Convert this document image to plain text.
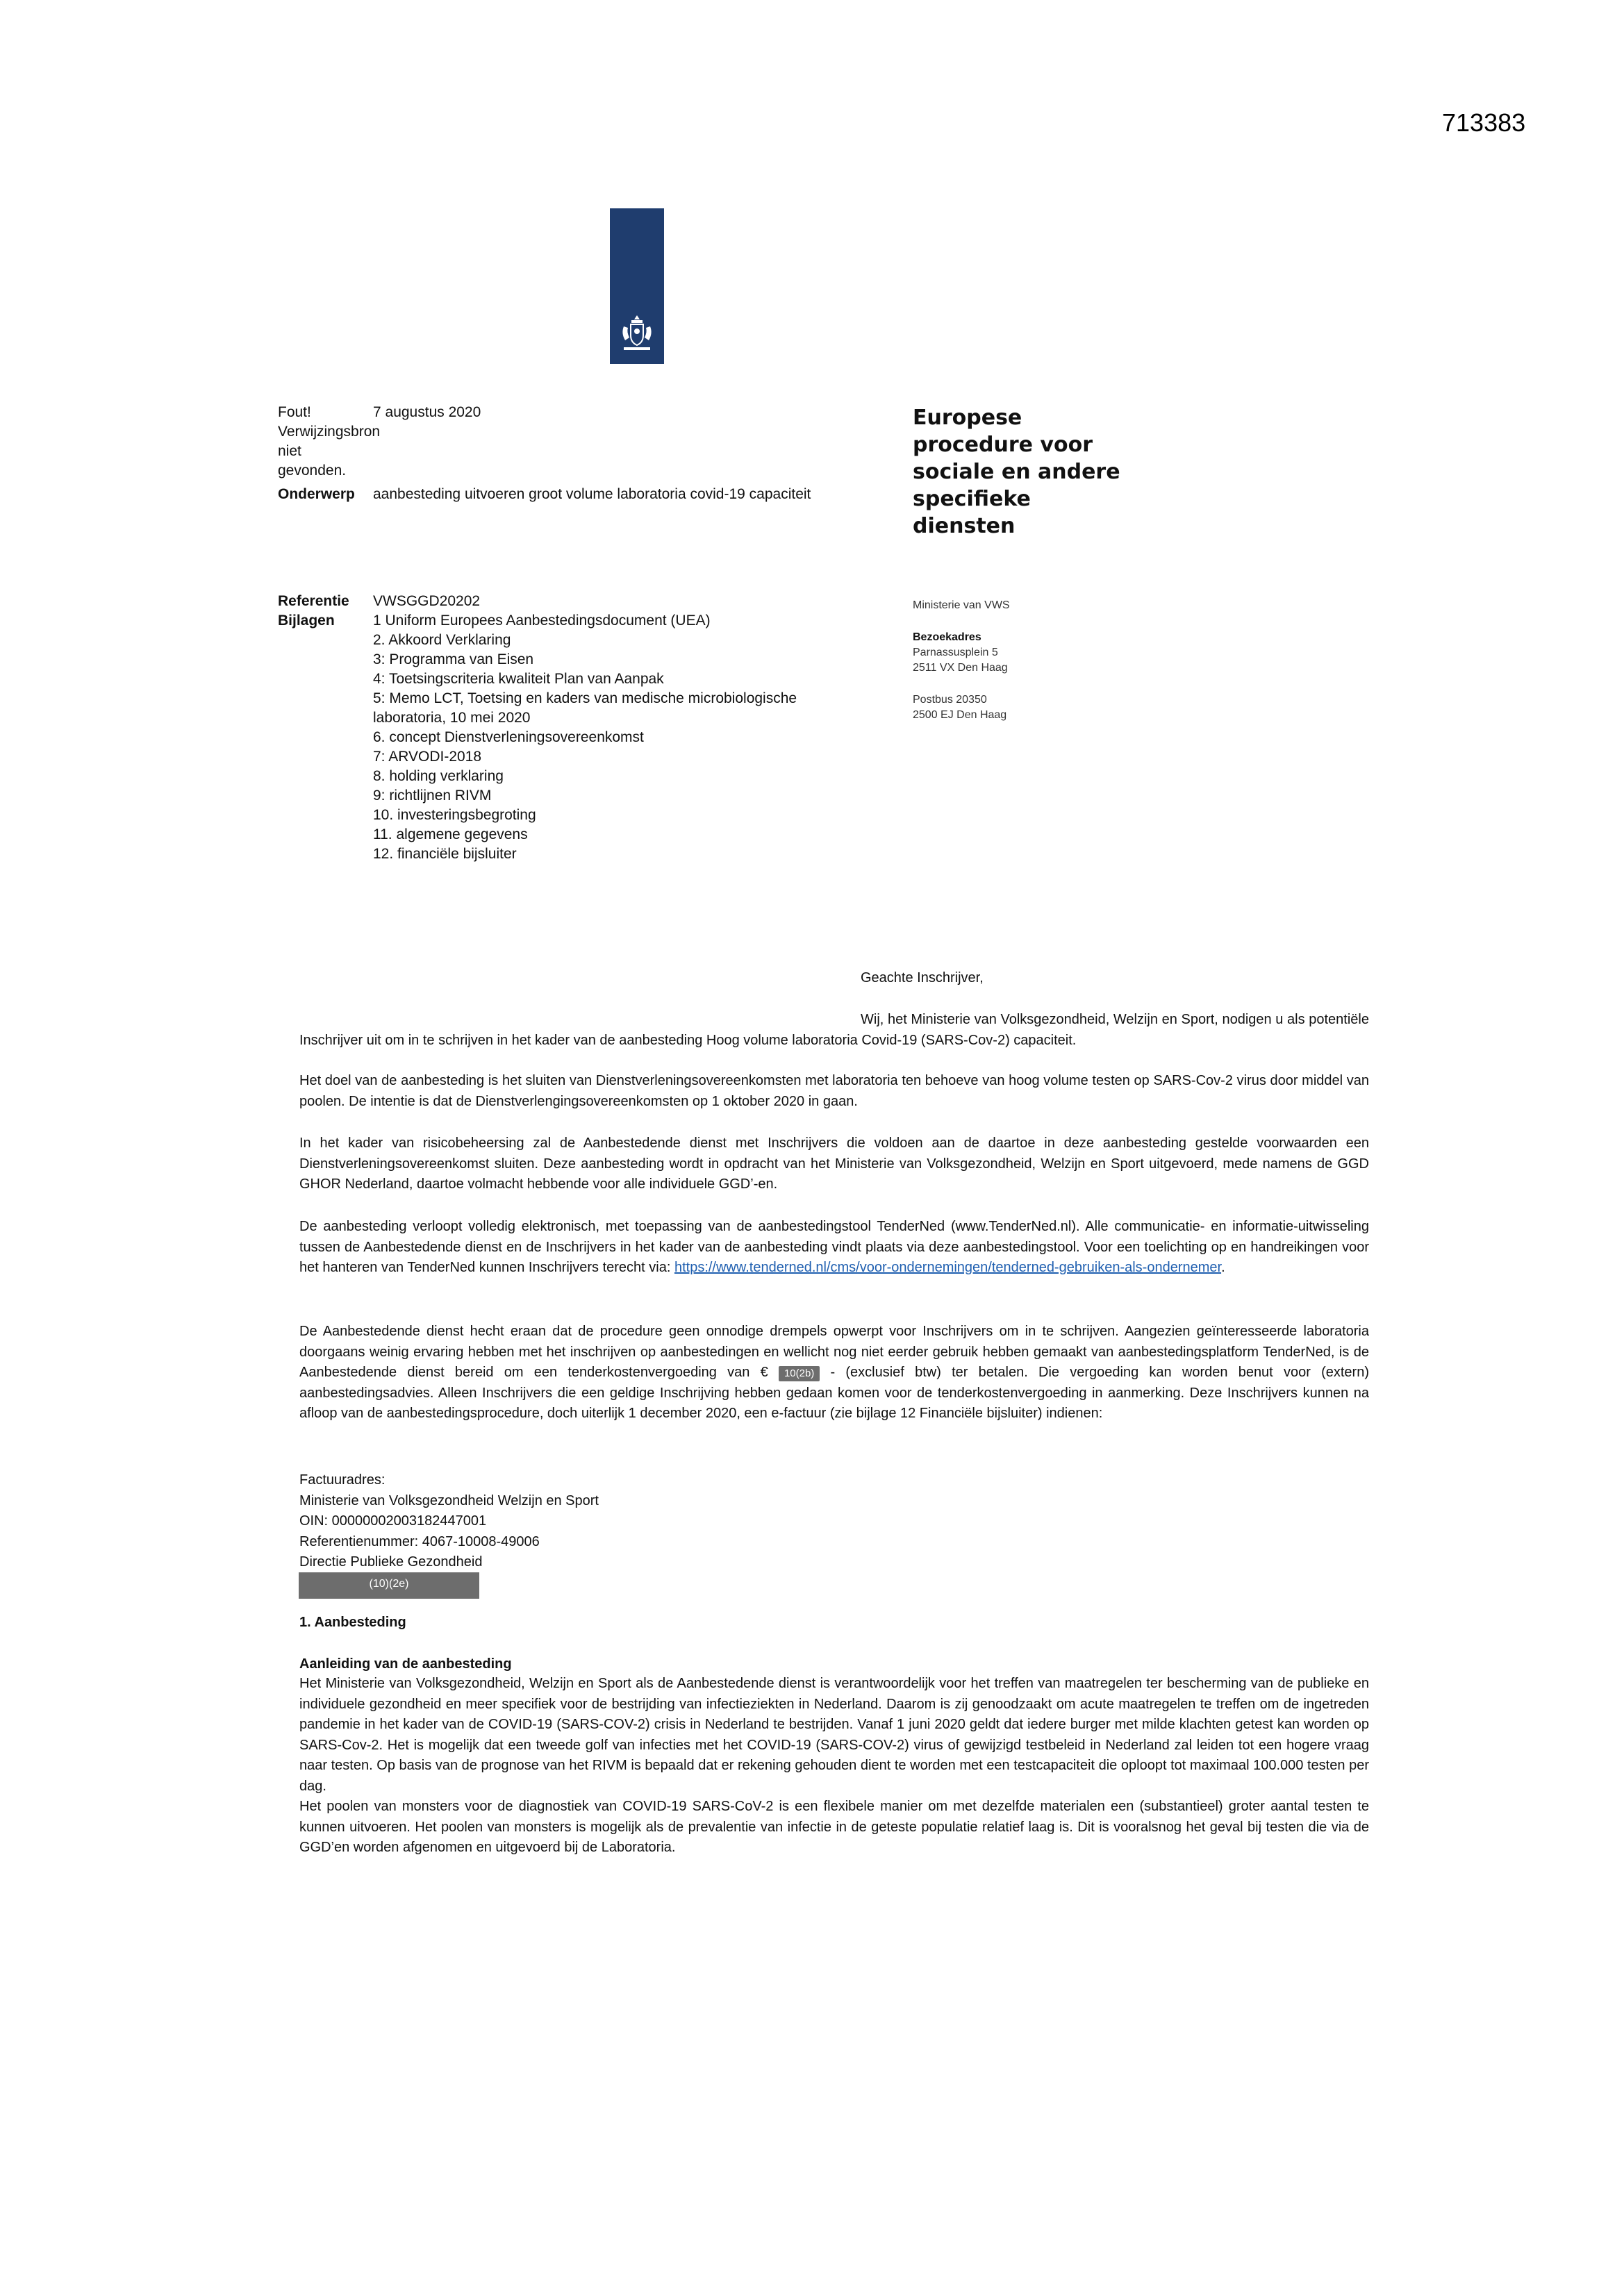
713383
Fout! Verwijzingsbron niet gevonden.
7 augustus 2020
Onderwerp	aanbesteding uitvoeren groot volume laboratoria covid-19 capaciteit
Referentie	VWSGGD20202
Bijlagen	1 Uniform Europees Aanbestedingsdocument (UEA)
2. Akkoord Verklaring
3: Programma van Eisen
4: Toetsingscriteria kwaliteit Plan van Aanpak
5: Memo LCT, Toetsing en kaders van medische microbiologische laboratoria, 10 mei 2020
6. concept Dienstverleningsovereenkomst
7: ARVODI-2018
8. holding verklaring
9: richtlijnen RIVM
10. investeringsbegroting
11. algemene gegevens
12. financiële bijsluiter
Europese procedure voor sociale en andere specifieke diensten
Ministerie van VWS
Bezoekadres
Parnassusplein 5
2511 VX Den Haag
Postbus 20350
2500 EJ Den Haag
Geachte Inschrijver,
Wij, het Ministerie van Volksgezondheid, Welzijn en Sport, nodigen u als potentiële Inschrijver uit om in te schrijven in het kader van de aanbesteding Hoog volume laboratoria Covid-19 (SARS-Cov-2) capaciteit.
Het doel van de aanbesteding is het sluiten van Dienstverleningsovereenkomsten met laboratoria ten behoeve van hoog volume testen op SARS-Cov-2 virus door middel van poolen. De intentie is dat de Dienstverlengingsovereenkomsten op 1 oktober 2020 in gaan.
In het kader van risicobeheersing zal de Aanbestedende dienst met Inschrijvers die voldoen aan de daartoe in deze aanbesteding gestelde voorwaarden een Dienstverleningsovereenkomst sluiten. Deze aanbesteding wordt in opdracht van het Ministerie van Volksgezondheid, Welzijn en Sport uitgevoerd, mede namens de GGD GHOR Nederland, daartoe volmacht hebbende voor alle individuele GGD’-en.
De aanbesteding verloopt volledig elektronisch, met toepassing van de aanbestedingstool TenderNed (www.TenderNed.nl). Alle communicatie- en informatie-uitwisseling tussen de Aanbestedende dienst en de Inschrijvers in het kader van de aanbesteding vindt plaats via deze aanbestedingstool. Voor een toelichting op en handreikingen voor het hanteren van TenderNed kunnen Inschrijvers terecht via: https://www.tenderned.nl/cms/voor-ondernemingen/tenderned-gebruiken-als-ondernemer.
De Aanbestedende dienst hecht eraan dat de procedure geen onnodige drempels opwerpt voor Inschrijvers om in te schrijven. Aangezien geïnteresseerde laboratoria doorgaans weinig ervaring hebben met het inschrijven op aanbestedingen en wellicht nog niet eerder gebruik hebben gemaakt van aanbestedingsplatform TenderNed, is de Aanbestedende dienst bereid om een tenderkostenvergoeding van € 10(2b) - (exclusief btw) ter betalen. Die vergoeding kan worden benut voor (extern) aanbestedingsadvies. Alleen Inschrijvers die een geldige Inschrijving hebben gedaan komen voor de tenderkostenvergoeding in aanmerking. Deze Inschrijvers kunnen na afloop van de aanbestedingsprocedure, doch uiterlijk 1 december 2020, een e-factuur (zie bijlage 12 Financiële bijsluiter) indienen:
Factuuradres:
Ministerie van Volksgezondheid Welzijn en Sport
OIN: 00000002003182447001
Referentienummer: 4067-10008-49006
Directie Publieke Gezondheid
(10)(2e)
1. Aanbesteding
Aanleiding van de aanbesteding
Het Ministerie van Volksgezondheid, Welzijn en Sport als de Aanbestedende dienst is verantwoordelijk voor het treffen van maatregelen ter bescherming van de publieke en individuele gezondheid en meer specifiek voor de bestrijding van infectieziekten in Nederland. Daarom is zij genoodzaakt om acute maatregelen te treffen om de ingetreden pandemie in het kader van de COVID-19 (SARS-COV-2) crisis in Nederland te bestrijden. Vanaf 1 juni 2020 geldt dat iedere burger met milde klachten getest kan worden op SARS-Cov-2. Het is mogelijk dat een tweede golf van infecties met het COVID-19 (SARS-COV-2) virus of gewijzigd testbeleid in Nederland zal leiden tot een hogere vraag naar testen. Op basis van de prognose van het RIVM is bepaald dat er rekening gehouden dient te worden met een testcapaciteit die oploopt tot maximaal 100.000 testen per dag.
Het poolen van monsters voor de diagnostiek van COVID-19 SARS-CoV-2 is een flexibele manier om met dezelfde materialen een (substantieel) groter aantal testen te kunnen uitvoeren. Het poolen van monsters is mogelijk als de prevalentie van infectie in de geteste populatie relatief laag is. Dit is vooralsnog het geval bij testen die via de GGD’en worden afgenomen en uitgevoerd bij de Laboratoria.
